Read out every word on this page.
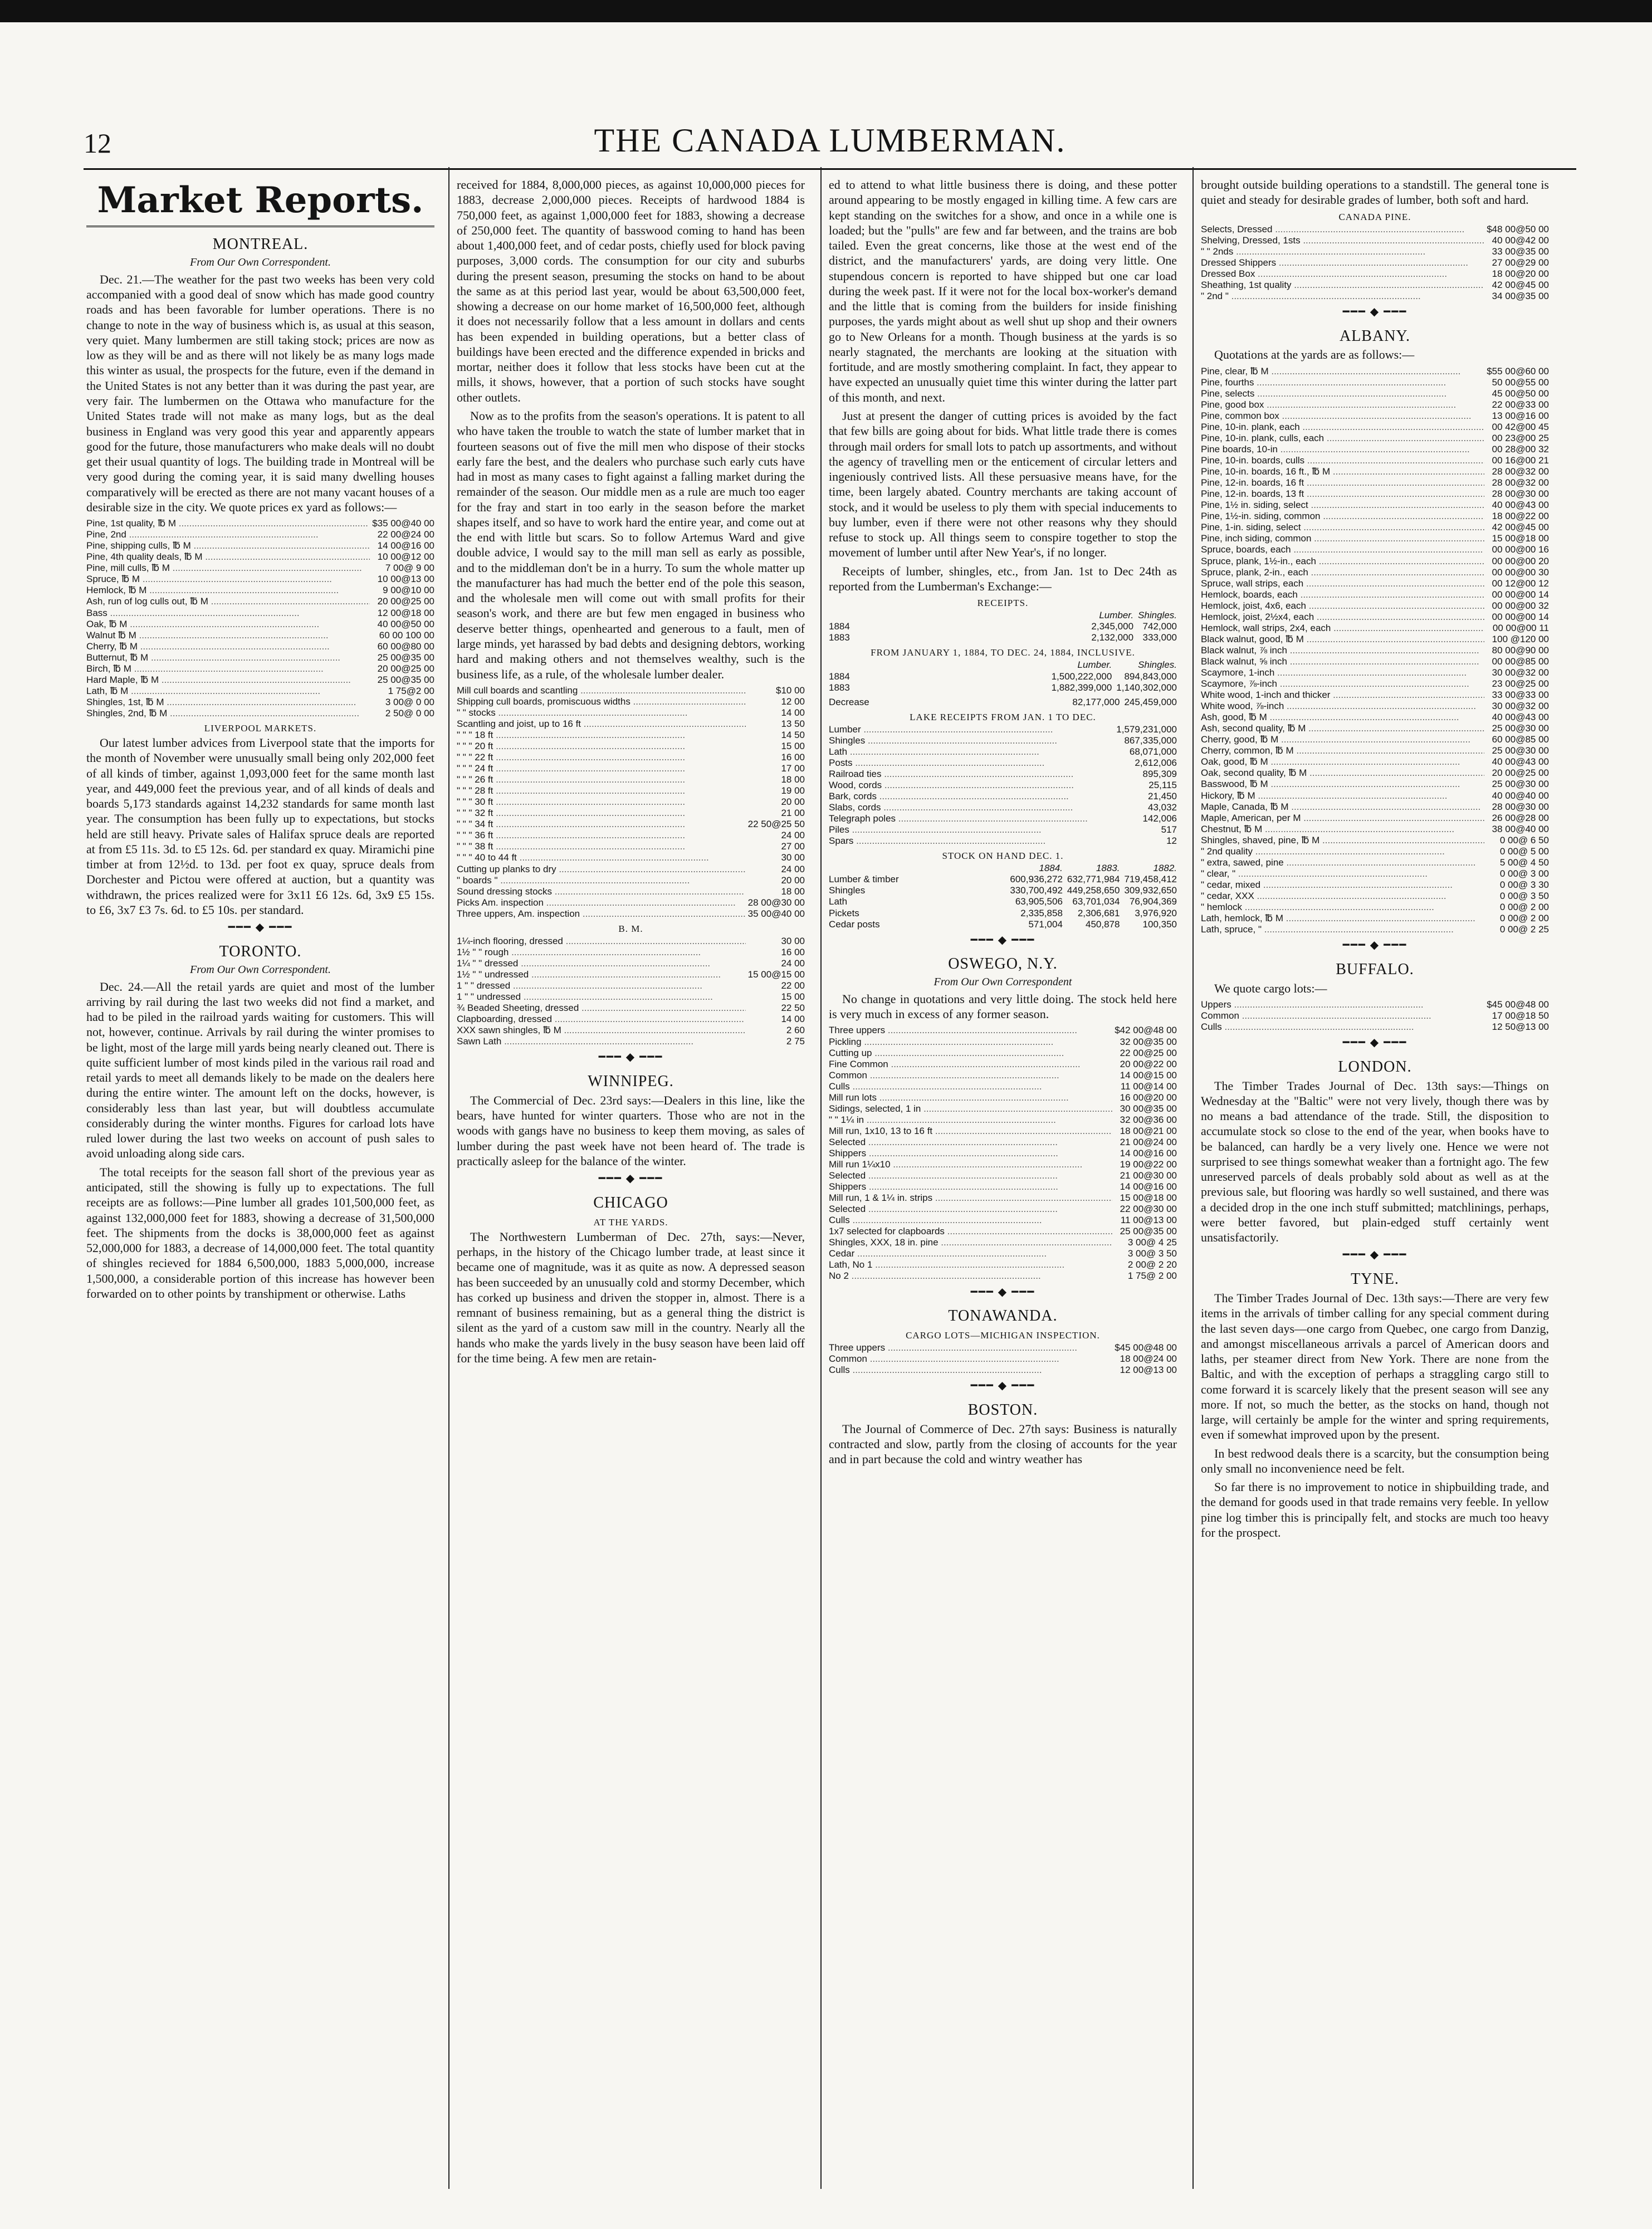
12	THE CANADA LUMBERMAN.
Market Reports.
MONTREAL.
From Our Own Correspondent.

Dec. 21.—The weather for the past two weeks has been very cold accompanied with a good deal of snow which has made good country roads and has been favorable for lumber operations. There is no change to note in the way of business which is, as usual at this season, very quiet. Many lumbermen are still taking stock; prices are now as low as they will be and as there will not likely be as many logs made this winter as usual, the prospects for the future, even if the demand in the United States is not any better than it was during the past year, are very fair. The lumbermen on the Ottawa who manufacture for the United States trade will not make as many logs, but as the deal business in England was very good this year and apparently appears good for the future, those manufacturers who make deals will no doubt get their usual quantity of logs. The building trade in Montreal will be very good during the coming year, it is said many dwelling houses comparatively will be erected as there are not many vacant houses of a desirable size in the city. We quote prices ex yard as follows:—

Pine, 1st quality, ℔ M .....	$35 00@40 00
Pine, 2nd .....	22 00@24 00
Pine, shipping culls, ℔ M .....	14 00@16 00
Pine, 4th quality deals, ℔ M .....	10 00@12 00
Pine, mill culls, ℔ M .....	7 00@ 9 00
Spruce, ℔ M .....	10 00@13 00
Hemlock, ℔ M .....	9 00@10 00
Ash, run of log culls out, ℔ M .....	20 00@25 00
Bass .....	12 00@18 00
Oak, ℔ M .....	40 00@50 00
Walnut ℔ M .....	60 00 100 00
Cherry, ℔ M .....	60 00@80 00
Butternut, ℔ M .....	25 00@35 00
Birch, ℔ M .....	20 00@25 00
Hard Maple, ℔ M .....	25 00@35 00
Lath, ℔ M .....	1 75@2 00
Shingles, 1st, ℔ M .....	3 00@ 0 00
Shingles, 2nd, ℔ M .....	2 50@ 0 00
LIVERPOOL MARKETS.

Our latest lumber advices from Liverpool state that the imports for the month of November were unusually small being only 202,000 feet of all kinds of timber, against 1,093,000 feet for the same month last year, and 449,000 feet the previous year, and of all kinds of deals and boards 5,173 standards against 14,232 standards for same month last year. The consumption has been fully up to expectations, but stocks held are still heavy. Private sales of Halifax spruce deals are reported at from £5 11s. 3d. to £5 12s. 6d. per standard ex quay. Miramichi pine timber at from 12½d. to 13d. per foot ex quay, spruce deals from Dorchester and Pictou were offered at auction, but a quantity was withdrawn, the prices realized were for 3x11 £6 12s. 6d, 3x9 £5 15s. to £6, 3x7 £3 7s. 6d. to £5 10s. per standard.

━━━ ◆ ━━━
TORONTO.
From Our Own Correspondent.

Dec. 24.—All the retail yards are quiet and most of the lumber arriving by rail during the last two weeks did not find a market, and had to be piled in the railroad yards waiting for customers. This will not, however, continue. Arrivals by rail during the winter promises to be light, most of the large mill yards being nearly cleaned out. There is quite sufficient lumber of most kinds piled in the various rail road and retail yards to meet all demands likely to be made on the dealers here during the entire winter. The amount left on the docks, however, is considerably less than last year, but will doubtless accumulate considerably during the winter months. Figures for carload lots have ruled lower during the last two weeks on account of push sales to avoid unloading along side cars.

The total receipts for the season fall short of the previous year as anticipated, still the showing is fully up to expectations. The full receipts are as follows:—Pine lumber all grades 101,500,000 feet, as against 132,000,000 feet for 1883, showing a decrease of 31,500,000 feet. The shipments from the docks is 38,000,000 feet as against 52,000,000 for 1883, a decrease of 14,000,000 feet. The total quantity of shingles recieved for 1884 6,500,000, 1883 5,000,000, increase 1,500,000, a considerable portion of this increase has however been forwarded on to other points by transhipment or otherwise. Laths

received for 1884, 8,000,000 pieces, as against 10,000,000 pieces for 1883, decrease 2,000,000 pieces. Receipts of hardwood 1884 is 750,000 feet, as against 1,000,000 feet for 1883, showing a decrease of 250,000 feet. The quantity of basswood coming to hand has been about 1,400,000 feet, and of cedar posts, chiefly used for block paving purposes, 3,000 cords. The consumption for our city and suburbs during the present season, presuming the stocks on hand to be about the same as at this period last year, would be about 63,500,000 feet, showing a decrease on our home market of 16,500,000 feet, although it does not necessarily follow that a less amount in dollars and cents has been expended in building operations, but a better class of buildings have been erected and the difference expended in bricks and mortar, neither does it follow that less stocks have been cut at the mills, it shows, however, that a portion of such stocks have sought other outlets.

Now as to the profits from the season's operations. It is patent to all who have taken the trouble to watch the state of lumber market that in fourteen seasons out of five the mill men who dispose of their stocks early fare the best, and the dealers who purchase such early cuts have had in most as many cases to fight against a falling market during the remainder of the season. Our middle men as a rule are much too eager for the fray and start in too early in the season before the market shapes itself, and so have to work hard the entire year, and come out at the end with little but scars. So to follow Artemus Ward and give double advice, I would say to the mill man sell as early as possible, and to the middleman don't be in a hurry. To sum the whole matter up the manufacturer has had much the better end of the pole this season, and the wholesale men will come out with small profits for their season's work, and there are but few men engaged in business who deserve better things, openhearted and generous to a fault, men of large minds, yet harassed by bad debts and designing debtors, working hard and making others and not themselves wealthy, such is the business life, as a rule, of the wholesale lumber dealer.

Mill cull boards and scantling .....	$10 00
Shipping cull boards, promiscuous widths .....	12 00
" " stocks .....	14 00
Scantling and joist, up to 16 ft .....	13 50
" " " 18 ft .....	14 50
" " " 20 ft .....	15 00
" " " 22 ft .....	16 00
" " " 24 ft .....	17 00
" " " 26 ft .....	18 00
" " " 28 ft .....	19 00
" " " 30 ft .....	20 00
" " " 32 ft .....	21 00
" " " 34 ft .....	22 50@25 50
" " " 36 ft .....	24 00
" " " 38 ft .....	27 00
" " " 40 to 44 ft .....	30 00
Cutting up planks to dry .....	24 00
" boards " .....	20 00
Sound dressing stocks .....	18 00
Picks Am. inspection .....	28 00@30 00
Three uppers, Am. inspection .....	35 00@40 00
B. M.
1¼-inch flooring, dressed .....	30 00
1½ " " rough .....	16 00
1¼ " " dressed .....	24 00
1½ " " undressed .....	15 00@15 00
1 " " dressed .....	22 00
1 " " undressed .....	15 00
¾ Beaded Sheeting, dressed .....	22 50
Clapboarding, dressed .....	14 00
XXX sawn shingles, ℔ M .....	2 60
Sawn Lath .....	2 75
━━━ ◆ ━━━
WINNIPEG.

The Commercial of Dec. 23rd says:—Dealers in this line, like the bears, have hunted for winter quarters. Those who are not in the woods with gangs have no business to keep them moving, as sales of lumber during the past week have not been heard of. The trade is practically asleep for the balance of the winter.

━━━ ◆ ━━━
CHICAGO
AT THE YARDS.

The Northwestern Lumberman of Dec. 27th, says:—Never, perhaps, in the history of the Chicago lumber trade, at least since it became one of magnitude, was it as quite as now. A depressed season has been succeeded by an unusually cold and stormy December, which has corked up business and driven the stopper in, almost. There is a remnant of business remaining, but as a general thing the district is silent as the yard of a custom saw mill in the country. Nearly all the hands who make the yards lively in the busy season have been laid off for the time being. A few men are retain-

ed to attend to what little business there is doing, and these potter around appearing to be mostly engaged in killing time. A few cars are kept standing on the switches for a show, and once in a while one is loaded; but the "pulls" are few and far between, and the trains are bob tailed. Even the great concerns, like those at the west end of the district, and the manufacturers' yards, are doing very little. One stupendous concern is reported to have shipped but one car load during the week past. If it were not for the local box-worker's demand and the little that is coming from the builders for inside finishing purposes, the yards might about as well shut up shop and their owners go to New Orleans for a month. Though business at the yards is so nearly stagnated, the merchants are looking at the situation with fortitude, and are mostly smothering complaint. In fact, they appear to have expected an unusually quiet time this winter during the latter part of this month, and next.

Just at present the danger of cutting prices is avoided by the fact that few bills are going about for bids. What little trade there is comes through mail orders for small lots to patch up assortments, and without the agency of travelling men or the enticement of circular letters and ingeniously contrived lists. All these persuasive means have, for the time, been largely abated. Country merchants are taking account of stock, and it would be useless to ply them with special inducements to buy lumber, even if there were not other reasons why they should refuse to stock up. All things seem to conspire together to stop the movement of lumber until after New Year's, if no longer.

Receipts of lumber, shingles, etc., from Jan. 1st to Dec 24th as reported from the Lumberman's Exchange:—

RECEIPTS.
	Lumber.	Shingles.
1884	2,345,000	742,000
1883	2,132,000	333,000
FROM JANUARY 1, 1884, TO DEC. 24, 1884, INCLUSIVE.
	Lumber.	Shingles.
1884	1,500,222,000	894,843,000
1883	1,882,399,000	1,140,302,000
Decrease	82,177,000	245,459,000
LAKE RECEIPTS FROM JAN. 1 TO DEC.
Lumber .....	1,579,231,000
Shingles .....	867,335,000
Lath .....	68,071,000
Posts .....	2,612,006
Railroad ties .....	895,309
Wood, cords .....	25,115
Bark, cords .....	21,450
Slabs, cords .....	43,032
Telegraph poles .....	142,006
Piles .....	517
Spars .....	12
STOCK ON HAND DEC. 1.
	1884.	1883.	1882.
Lumber & timber	600,936,272	632,771,984	719,458,412
Shingles	330,700,492	449,258,650	309,932,650
Lath	63,905,506	63,701,034	76,904,369
Pickets	2,335,858	2,306,681	3,976,920
Cedar posts	571,004	450,878	100,350
━━━ ◆ ━━━
OSWEGO, N.Y.
From Our Own Correspondent

No change in quotations and very little doing. The stock held here is very much in excess of any former season.

Three uppers .....	$42 00@48 00
Pickling .....	32 00@35 00
Cutting up .....	22 00@25 00
Fine Common .....	20 00@22 00
Common .....	14 00@15 00
Culls .....	11 00@14 00
Mill run lots .....	16 00@20 00
Sidings, selected, 1 in .....	30 00@35 00
" " 1¼ in .....	32 00@36 00
Mill run, 1x10, 13 to 16 ft .....	18 00@21 00
Selected .....	21 00@24 00
Shippers .....	14 00@16 00
Mill run 1¼x10 .....	19 00@22 00
Selected .....	21 00@30 00
Shippers .....	14 00@16 00
Mill run, 1 & 1¼ in. strips .....	15 00@18 00
Selected .....	22 00@30 00
Culls .....	11 00@13 00
1x7 selected for clapboards .....	25 00@35 00
Shingles, XXX, 18 in. pine .....	3 00@ 4 25
Cedar .....	3 00@ 3 50
Lath, No 1 .....	2 00@ 2 20
No 2 .....	1 75@ 2 00
━━━ ◆ ━━━
TONAWANDA.
CARGO LOTS—MICHIGAN INSPECTION.
Three uppers .....	$45 00@48 00
Common .....	18 00@24 00
Culls .....	12 00@13 00
━━━ ◆ ━━━
BOSTON.

The Journal of Commerce of Dec. 27th says: Business is naturally contracted and slow, partly from the closing of accounts for the year and in part because the cold and wintry weather has

brought outside building operations to a standstill. The general tone is quiet and steady for desirable grades of lumber, both soft and hard.

CANADA PINE.
Selects, Dressed .....	$48 00@50 00
Shelving, Dressed, 1sts .....	40 00@42 00
" " 2nds .....	33 00@35 00
Dressed Shippers .....	27 00@29 00
Dressed Box .....	18 00@20 00
Sheathing, 1st quality .....	42 00@45 00
" 2nd " .....	34 00@35 00
━━━ ◆ ━━━
ALBANY.

Quotations at the yards are as follows:—

Pine, clear, ℔ M .....	$55 00@60 00
Pine, fourths .....	50 00@55 00
Pine, selects .....	45 00@50 00
Pine, good box .....	22 00@33 00
Pine, common box .....	13 00@16 00
Pine, 10-in. plank, each .....	00 42@00 45
Pine, 10-in. plank, culls, each .....	00 23@00 25
Pine boards, 10-in .....	00 28@00 32
Pine, 10-in. boards, culls .....	00 16@00 21
Pine, 10-in. boards, 16 ft., ℔ M .....	28 00@32 00
Pine, 12-in. boards, 16 ft .....	28 00@32 00
Pine, 12-in. boards, 13 ft .....	28 00@30 00
Pine, 1½ in. siding, select .....	40 00@43 00
Pine, 1½-in. siding, common .....	18 00@22 00
Pine, 1-in. siding, select .....	42 00@45 00
Pine, inch siding, common .....	15 00@18 00
Spruce, boards, each .....	00 00@00 16
Spruce, plank, 1½-in., each .....	00 00@00 20
Spruce, plank, 2-in., each .....	00 00@00 30
Spruce, wall strips, each .....	00 12@00 12
Hemlock, boards, each .....	00 00@00 14
Hemlock, joist, 4x6, each .....	00 00@00 32
Hemlock, joist, 2½x4, each .....	00 00@00 14
Hemlock, wall strips, 2x4, each .....	00 00@00 11
Black walnut, good, ℔ M .....	100 @120 00
Black walnut, ⅞ inch .....	80 00@90 00
Black walnut, ⅝ inch .....	00 00@85 00
Scaymore, 1-inch .....	30 00@32 00
Scaymore, ⅞-inch .....	23 00@25 00
White wood, 1-inch and thicker .....	33 00@33 00
White wood, ⅞-inch .....	30 00@32 00
Ash, good, ℔ M .....	40 00@43 00
Ash, second quality, ℔ M .....	25 00@30 00
Cherry, good, ℔ M .....	60 00@85 00
Cherry, common, ℔ M .....	25 00@30 00
Oak, good, ℔ M .....	40 00@43 00
Oak, second quality, ℔ M .....	20 00@25 00
Basswood, ℔ M .....	25 00@30 00
Hickory, ℔ M .....	40 00@40 00
Maple, Canada, ℔ M .....	28 00@30 00
Maple, American, per M .....	26 00@28 00
Chestnut, ℔ M .....	38 00@40 00
Shingles, shaved, pine, ℔ M .....	0 00@ 6 50
" 2nd quality .....	0 00@ 5 00
" extra, sawed, pine .....	5 00@ 4 50
" clear, " .....	0 00@ 3 00
" cedar, mixed .....	0 00@ 3 30
" cedar, XXX .....	0 00@ 3 50
" hemlock .....	0 00@ 2 00
Lath, hemlock, ℔ M .....	0 00@ 2 00
Lath, spruce, " .....	0 00@ 2 25
━━━ ◆ ━━━
BUFFALO.

We quote cargo lots:—

Uppers .....	$45 00@48 00
Common .....	17 00@18 50
Culls .....	12 50@13 00
━━━ ◆ ━━━
LONDON.

The Timber Trades Journal of Dec. 13th says:—Things on Wednesday at the "Baltic" were not very lively, though there was by no means a bad attendance of the trade. Still, the disposition to accumulate stock so close to the end of the year, when books have to be balanced, can hardly be a very lively one. Hence we were not surprised to see things somewhat weaker than a fortnight ago. The few unreserved parcels of deals probably sold about as well as at the previous sale, but flooring was hardly so well sustained, and there was a decided drop in the one inch stuff submitted; matchlinings, perhaps, were better favored, but plain-edged stuff certainly went unsatisfactorily.

━━━ ◆ ━━━
TYNE.

The Timber Trades Journal of Dec. 13th says:—There are very few items in the arrivals of timber calling for any special comment during the last seven days—one cargo from Quebec, one cargo from Danzig, and amongst miscellaneous arrivals a parcel of American doors and laths, per steamer direct from New York. There are none from the Baltic, and with the exception of perhaps a straggling cargo still to come forward it is scarcely likely that the present season will see any more. If not, so much the better, as the stocks on hand, though not large, will certainly be ample for the winter and spring requirements, even if somewhat improved upon by the present.

In best redwood deals there is a scarcity, but the consumption being only small no inconvenience need be felt.

So far there is no improvement to notice in shipbuilding trade, and the demand for goods used in that trade remains very feeble. In yellow pine log timber this is principally felt, and stocks are much too heavy for the prospect.
